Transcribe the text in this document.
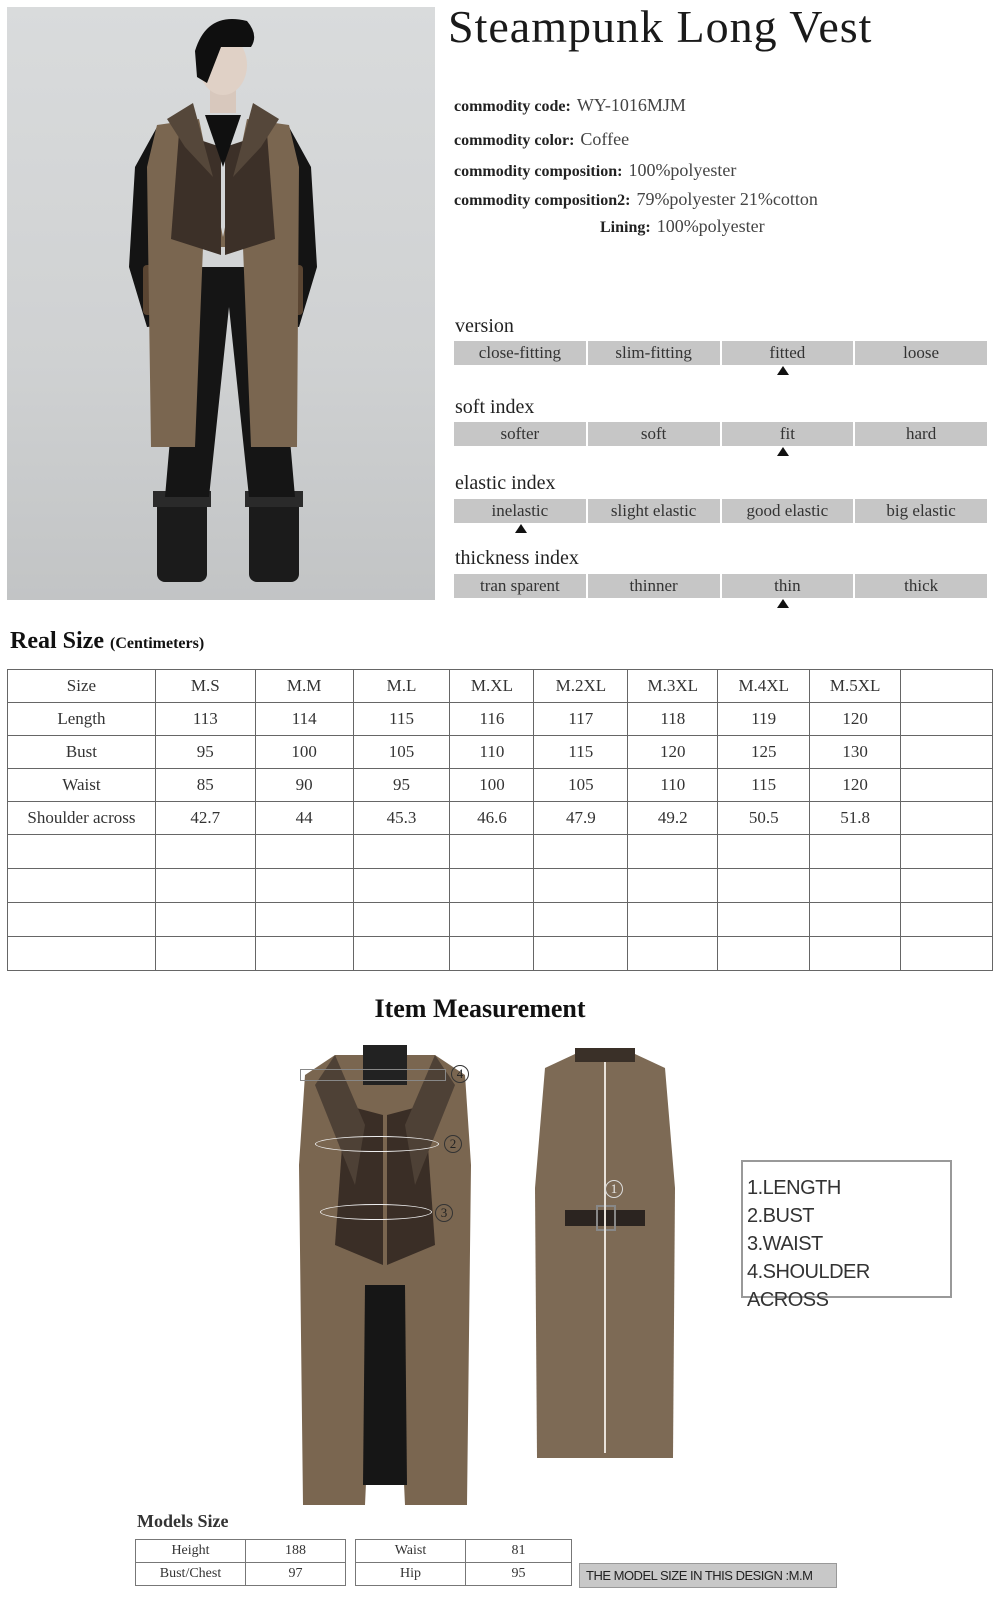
Steampunk Long Vest
commodity code: WY-1016MJM
commodity color: Coffee
commodity composition: 100%polyester
commodity composition2: 79%polyester 21%cotton
Lining: 100%polyester
version
close-fitting	slim-fitting	fitted	loose
soft index
softer	soft	fit	hard
elastic index
inelastic	slight elastic	good elastic	big elastic
thickness index
tran sparent	thinner	thin	thick
Real Size (Centimeters)
Size	M.S	M.M	M.L	M.XL	M.2XL	M.3XL	M.4XL	M.5XL	
Length	113	114	115	116	117	118	119	120	
Bust	95	100	105	110	115	120	125	130	
Waist	85	90	95	100	105	110	115	120	
Shoulder across	42.7	44	45.3	46.6	47.9	49.2	50.5	51.8	

Item Measurement
4
2
3
1	1.LENGTH
2.BUST
3.WAIST
4.SHOULDER ACROSS
Models Size
Height	188
Bust/Chest	97
Waist	81
Hip	95	THE MODEL SIZE IN THIS DESIGN :M.M
